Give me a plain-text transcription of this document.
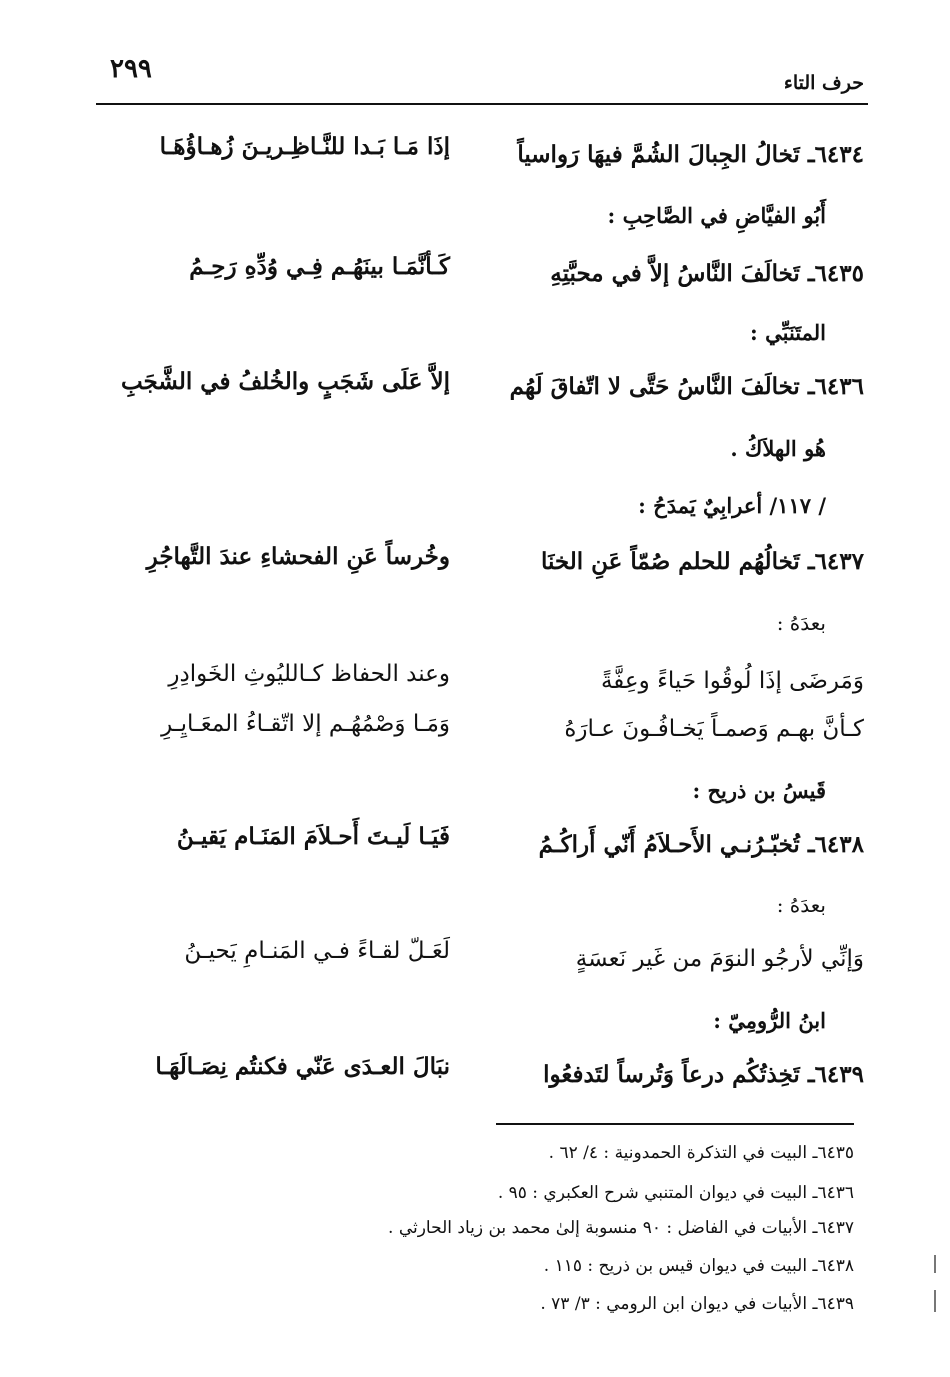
٢٩٩	حرف التاء
٦٤٣٤ـ تَخالُ الجِبالَ الشُمَّ فيهَا رَواسياً
إذَا مَـا بَـدا للنَّـاظِـريـنَ زُهـاؤُهَـا
أَبُو الفيَّاضِ في الصَّاحِبِ :
٦٤٣٥ـ تَخالَفَ النَّاسُ إلاَّ في محبَّتِهِ
كَـأنَّمَـا بينَهُـم فِـي وُدِّهِ رَحِـمُ
المتَنَبِّي :
٦٤٣٦ـ تخالَفَ النَّاسُ حَتَّى لا اتّفاقَ لَهُم
إلاَّ عَلَى شَجَبٍ والخُلفُ في الشَّجَبِ
هُو الهلاَكُ .
/ ١١٧/ أعرابِيٌ يَمدَحُ :
٦٤٣٧ـ تَخالُهُم للحلم صُمّاً عَنِ الخنَا
وخُرساً عَنِ الفحشاءِ عندَ التَّهاجُرِ
بعدَهُ :
وَمَرضَى إذَا لُوقُوا حَياءً وعِفَّةً
وعند الحفاظ كـالليُوثِ الخَوادِرِ
كـأنَّ بهـم وَصمـاً يَخـافُـونَ عـارَهُ
وَمَـا وَصْمُهُـم إلا اتّقـاءُ المعَـايِـرِ
قَيسُ بن ذريح :
٦٤٣٨ـ تُخبّـرُنـي الأَحـلاَمُ أَنّي أَراكُـمُ
فَيَـا لَيـتَ أَحـلاَمَ المَنَـام يَقيـنُ
بعدَهُ :
وَإنِّي لأرجُو النوَمَ من غَير نَعسَةٍ
لَعَـلّ لقـاءً فـي المَنـامِ يَحيـنُ
ابنُ الرُّومِيّ :
٦٤٣٩ـ تَخِذتُكُم درعاً وَتُرساً لتَدفعُوا
نبَالَ العـدَى عَنّي فكنتُم نِصَـالَهَـا
٦٤٣٥ـ البيت في التذكرة الحمدونية : ٤/ ٦٢ .
٦٤٣٦ـ البيت في ديوان المتنبي شرح العكبري : ٩٥ .
٦٤٣٧ـ الأبيات في الفاضل : ٩٠ منسوبة إلىٰ محمد بن زياد الحارثي .
٦٤٣٨ـ البيت في ديوان قيس بن ذريح : ١١٥ .
٦٤٣٩ـ الأبيات في ديوان ابن الرومي : ٣/ ٧٣ .
